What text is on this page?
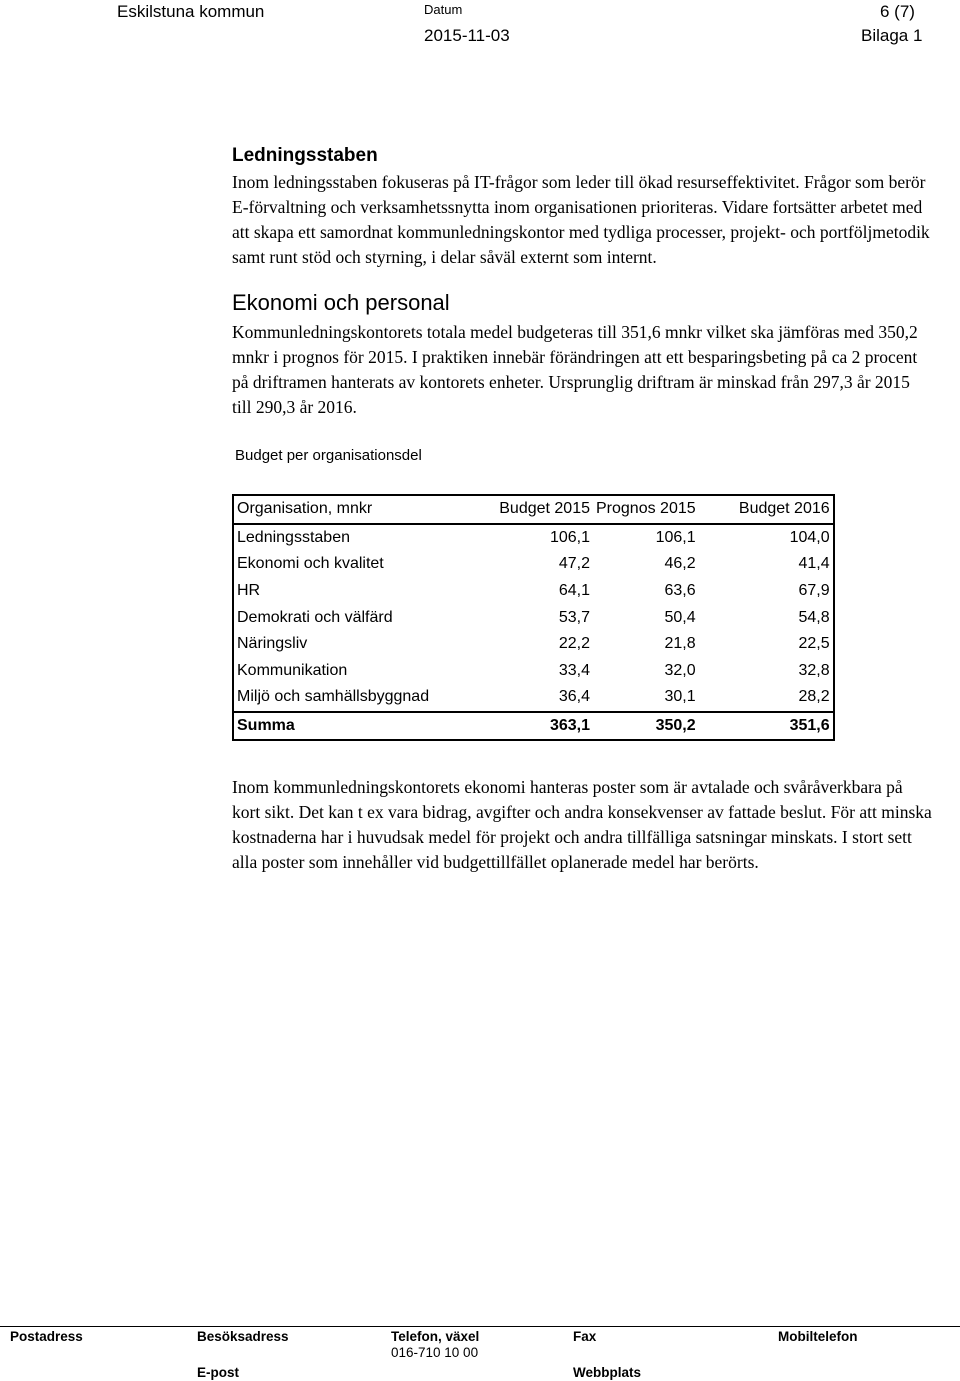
Eskilstuna kommun	Datum
2015-11-03
6 (7)
Bilaga 1
Ledningsstaben

Inom ledningsstaben fokuseras på IT-frågor som leder till ökad resurseffektivitet. Frågor som berör E-förvaltning och verksamhetssnytta inom organisationen prioriteras. Vidare fortsätter arbetet med att skapa ett samordnat kommunledningskontor med tydliga processer, projekt- och portföljmetodik samt runt stöd och styrning, i delar såväl externt som internt.

Ekonomi och personal

Kommunledningskontorets totala medel budgeteras till 351,6 mnkr vilket ska jämföras med 350,2 mnkr i prognos för 2015. I praktiken innebär förändringen att ett besparingsbeting på ca 2 procent på driftramen hanterats av kontorets enheter. Ursprunglig driftram är minskad från 297,3 år 2015 till 290,3 år 2016.

Budget per organisationsdel
Organisation, mnkr	Budget 2015	Prognos 2015	Budget 2016
Ledningsstaben	106,1	106,1	104,0
Ekonomi och kvalitet	47,2	46,2	41,4
HR	64,1	63,6	67,9
Demokrati och välfärd	53,7	50,4	54,8
Näringsliv	22,2	21,8	22,5
Kommunikation	33,4	32,0	32,8
Miljö och samhällsbyggnad	36,4	30,1	28,2
Summa	363,1	350,2	351,6

Inom kommunledningskontorets ekonomi hanteras poster som är avtalade och svåråverkbara på kort sikt. Det kan t ex vara bidrag, avgifter och andra konsekvenser av fattade beslut. För att minska kostnaderna har i huvudsak medel för projekt och andra tillfälliga satsningar minskats. I stort sett alla poster som innehåller vid budgettillfället oplanerade medel har berörts.

Postadress	Besöksadress	Telefon, växel
016-710 10 00
Fax	Mobiltelefon
E-post	Webbplats
